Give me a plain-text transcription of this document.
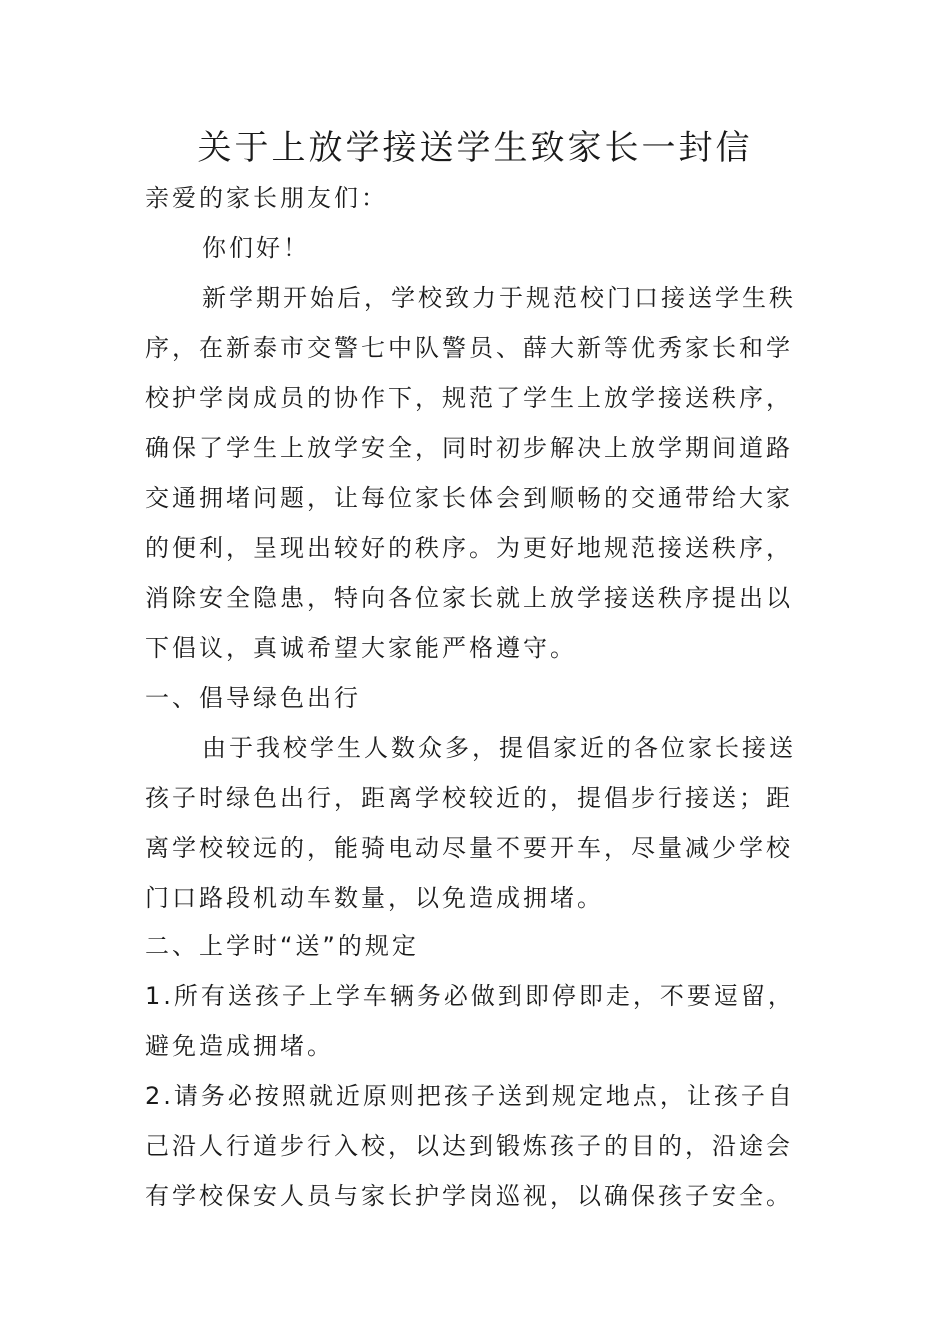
关于上放学接送学生致家长一封信
亲爱的家长朋友们：
你们好！
新学期开始后，学校致力于规范校门口接送学生秩
序，在新泰市交警七中队警员、薛大新等优秀家长和学
校护学岗成员的协作下，规范了学生上放学接送秩序，
确保了学生上放学安全，同时初步解决上放学期间道路
交通拥堵问题，让每位家长体会到顺畅的交通带给大家
的便利，呈现出较好的秩序。为更好地规范接送秩序，
消除安全隐患，特向各位家长就上放学接送秩序提出以
下倡议，真诚希望大家能严格遵守。
一、倡导绿色出行
由于我校学生人数众多，提倡家近的各位家长接送
孩子时绿色出行，距离学校较近的，提倡步行接送；距
离学校较远的，能骑电动尽量不要开车，尽量减少学校
门口路段机动车数量，以免造成拥堵。
二、上学时“送”的规定
1.所有送孩子上学车辆务必做到即停即走，不要逗留，
避免造成拥堵。
2.请务必按照就近原则把孩子送到规定地点，让孩子自
己沿人行道步行入校，以达到锻炼孩子的目的，沿途会
有学校保安人员与家长护学岗巡视，以确保孩子安全。
